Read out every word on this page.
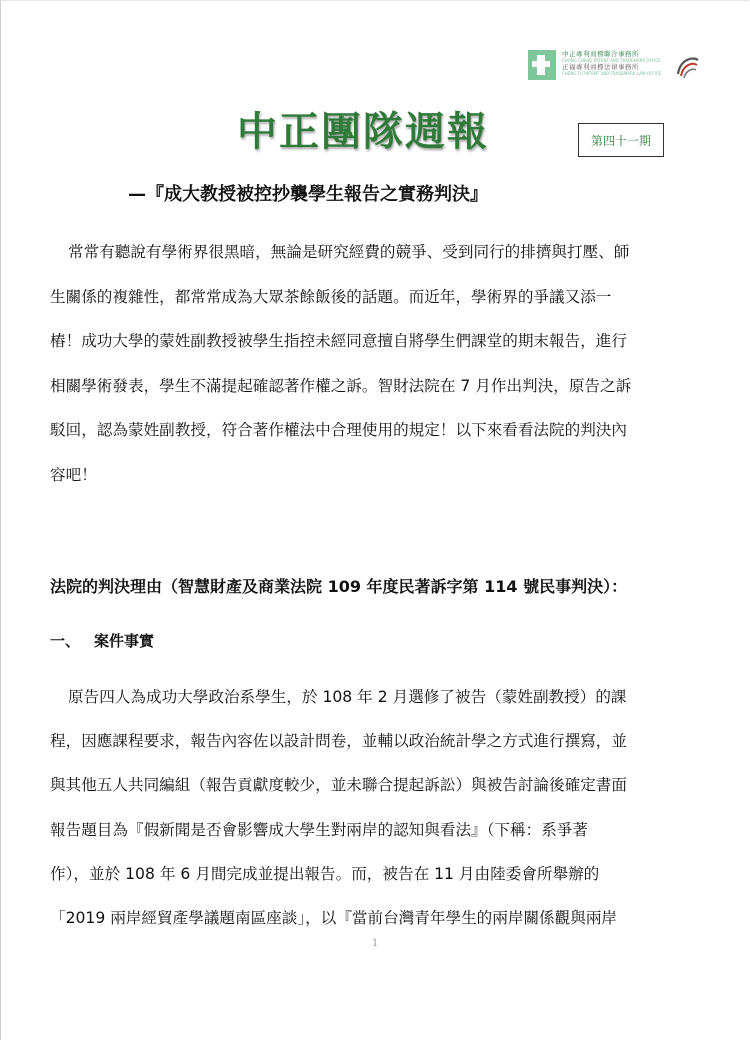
中正專利商標聯合事務所
CHUNG CHENG PATENT AND TRADEMARK OFFICE
正福專利商標法律事務所
CHENG FU PATENT AND TRADEMARK LAW OFFICE
中正團隊週報	第四十一期
—『成大教授被控抄襲學生報告之實務判決』
常常有聽說有學術界很黑暗，無論是研究經費的競爭、受到同行的排擠與打壓、師
生關係的複雜性，都常常成為大眾茶餘飯後的話題。而近年，學術界的爭議又添一
樁！成功大學的蒙姓副教授被學生指控未經同意擅自將學生們課堂的期末報告，進行
相關學術發表，學生不滿提起確認著作權之訴。智財法院在 7 月作出判決，原告之訴
駁回，認為蒙姓副教授，符合著作權法中合理使用的規定！以下來看看法院的判決內
容吧！
法院的判決理由（智慧財產及商業法院 109 年度民著訴字第 114 號民事判決）：
一、 案件事實
原告四人為成功大學政治系學生，於 108 年 2 月選修了被告（蒙姓副教授）的課
程，因應課程要求，報告內容佐以設計問卷，並輔以政治統計學之方式進行撰寫，並
與其他五人共同編組（報告貢獻度較少，並未聯合提起訴訟）與被告討論後確定書面
報告題目為『假新聞是否會影響成大學生對兩岸的認知與看法』（下稱：系爭著
作），並於 108 年 6 月間完成並提出報告。而，被告在 11 月由陸委會所舉辦的
「2019 兩岸經貿產學議題南區座談」，以『當前台灣青年學生的兩岸關係觀與兩岸
1
